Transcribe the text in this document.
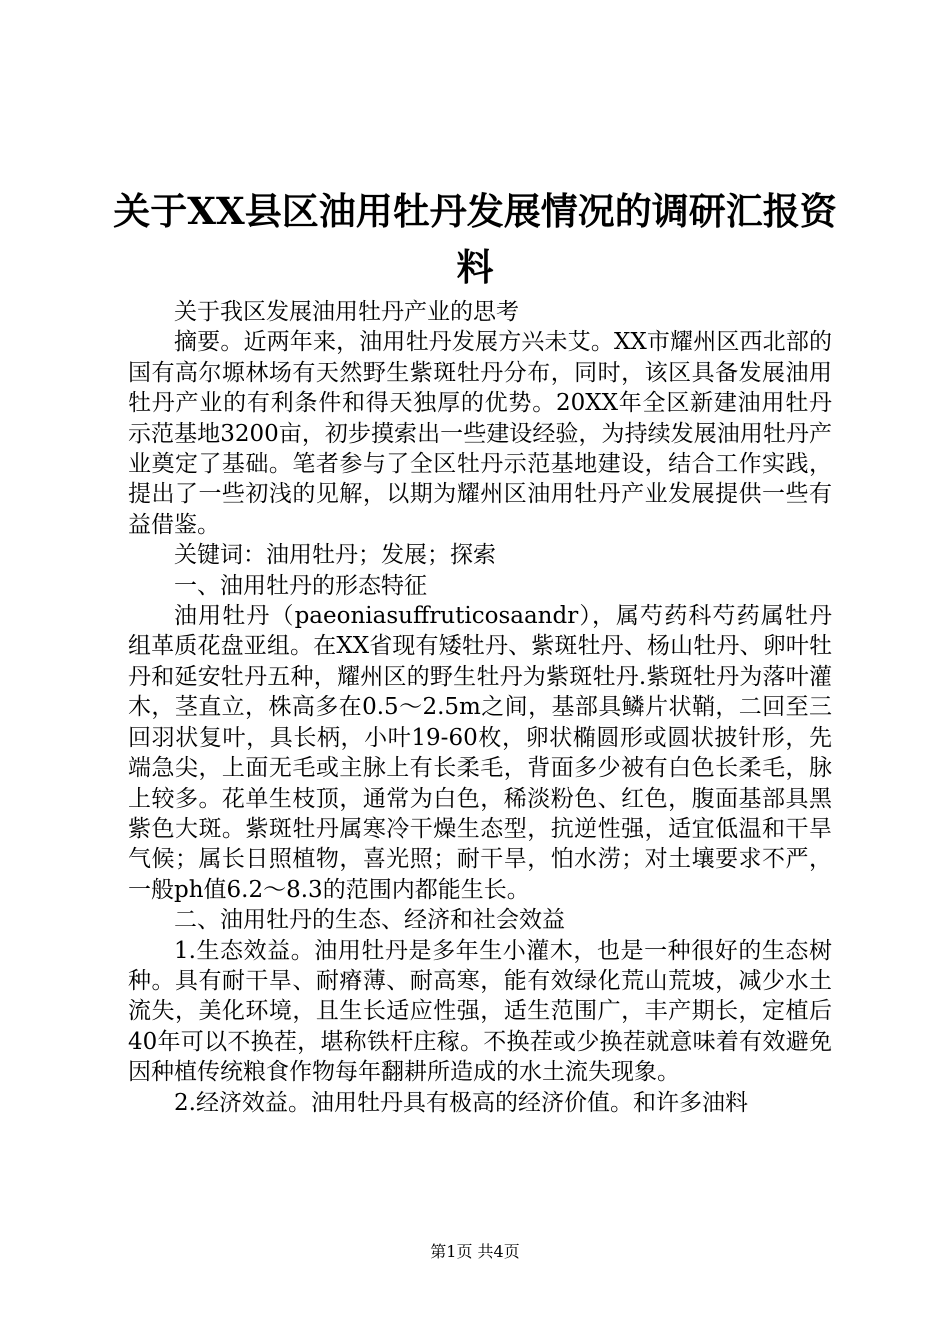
关于XX县区油用牡丹发展情况的调研汇报资料

关于我区发展油用牡丹产业的思考

摘要。近两年来，油用牡丹发展方兴未艾。XX市耀州区西北部的国有高尔塬林场有天然野生紫斑牡丹分布，同时，该区具备发展油用牡丹产业的有利条件和得天独厚的优势。20XX年全区新建油用牡丹示范基地3200亩，初步摸索出一些建设经验，为持续发展油用牡丹产业奠定了基础。笔者参与了全区牡丹示范基地建设，结合工作实践，提出了一些初浅的见解，以期为耀州区油用牡丹产业发展提供一些有益借鉴。

关键词：油用牡丹；发展；探索

一、油用牡丹的形态特征

油用牡丹（paeoniasuffruticosaandr），属芍药科芍药属牡丹组革质花盘亚组。在XX省现有矮牡丹、紫斑牡丹、杨山牡丹、卵叶牡丹和延安牡丹五种，耀州区的野生牡丹为紫斑牡丹.紫斑牡丹为落叶灌木，茎直立，株高多在0.5～2.5m之间，基部具鳞片状鞘，二回至三回羽状复叶，具长柄，小叶19-60枚，卵状椭圆形或圆状披针形，先端急尖，上面无毛或主脉上有长柔毛，背面多少被有白色长柔毛，脉上较多。花单生枝顶，通常为白色，稀淡粉色、红色，腹面基部具黑紫色大斑。紫斑牡丹属寒冷干燥生态型，抗逆性强，适宜低温和干旱气候；属长日照植物，喜光照；耐干旱，怕水涝；对土壤要求不严，一般ph值6.2～8.3的范围内都能生长。

二、油用牡丹的生态、经济和社会效益

1.生态效益。油用牡丹是多年生小灌木，也是一种很好的生态树种。具有耐干旱、耐瘠薄、耐高寒，能有效绿化荒山荒坡，减少水土流失，美化环境，且生长适应性强，适生范围广，丰产期长，定植后40年可以不换茬，堪称铁杆庄稼。不换茬或少换茬就意味着有效避免因种植传统粮食作物每年翻耕所造成的水土流失现象。

2.经济效益。油用牡丹具有极高的经济价值。和许多油料

第1页 共4页
